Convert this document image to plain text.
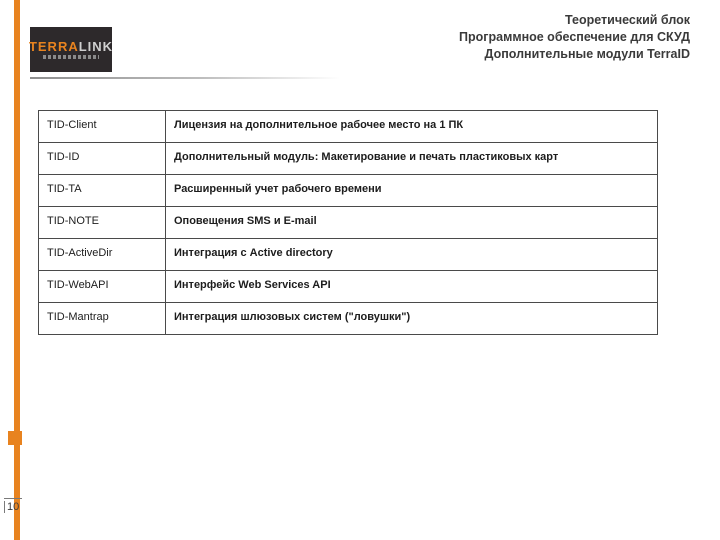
TERRALINK
Теоретический блок
Программное обеспечение для СКУД
Дополнительные модули TerraID
TID-Client	Лицензия на дополнительное рабочее место на 1 ПК
TID-ID	Дополнительный модуль: Макетирование и печать пластиковых карт
TID-TA	Расширенный учет рабочего времени
TID-NOTE	Оповещения SMS и E-mail
TID-ActiveDir	Интеграция с Active directory
TID-WebAPI	Интерфейс Web Services API
TID-Mantrap	Интеграция шлюзовых систем ("ловушки")
10
